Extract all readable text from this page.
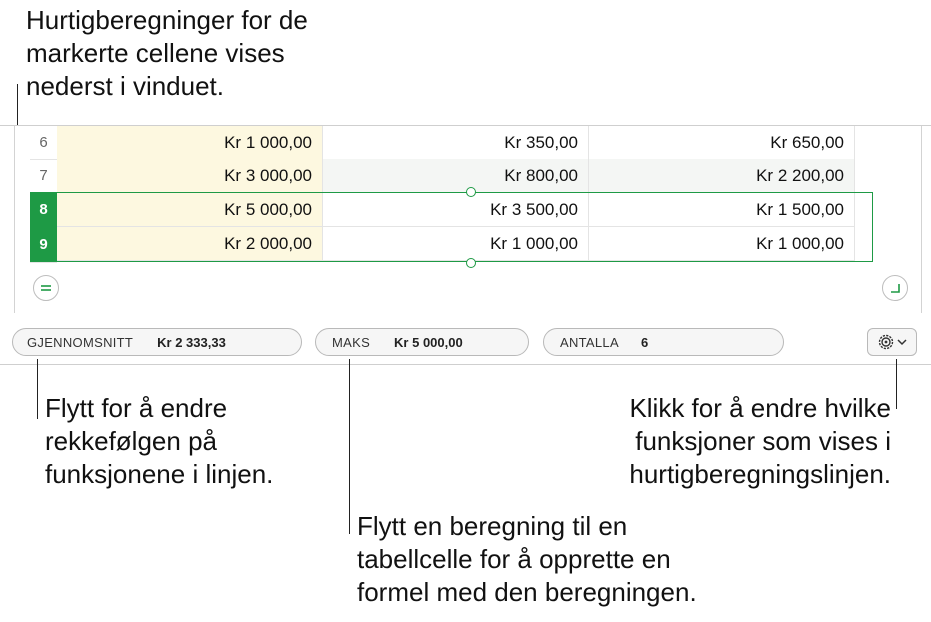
Hurtigberegninger for de
markerte cellene vises
nederst i vinduet.

6	Kr 1 000,00	Kr 350,00	Kr 650,00
7	Kr 3 000,00	Kr 800,00	Kr 2 200,00
8	Kr 5 000,00	Kr 3 500,00	Kr 1 500,00
9	Kr 2 000,00	Kr 1 000,00	Kr 1 000,00
GJENNOMSNITT Kr 2 333,33	MAKS Kr 5 000,00	ANTALLA 6

Flytt for å endre
rekkefølgen på
funksjonene i linjen.

Flytt en beregning til en
tabellcelle for å opprette en
formel med den beregningen.

Klikk for å endre hvilke
funksjoner som vises i
hurtigberegningslinjen.
